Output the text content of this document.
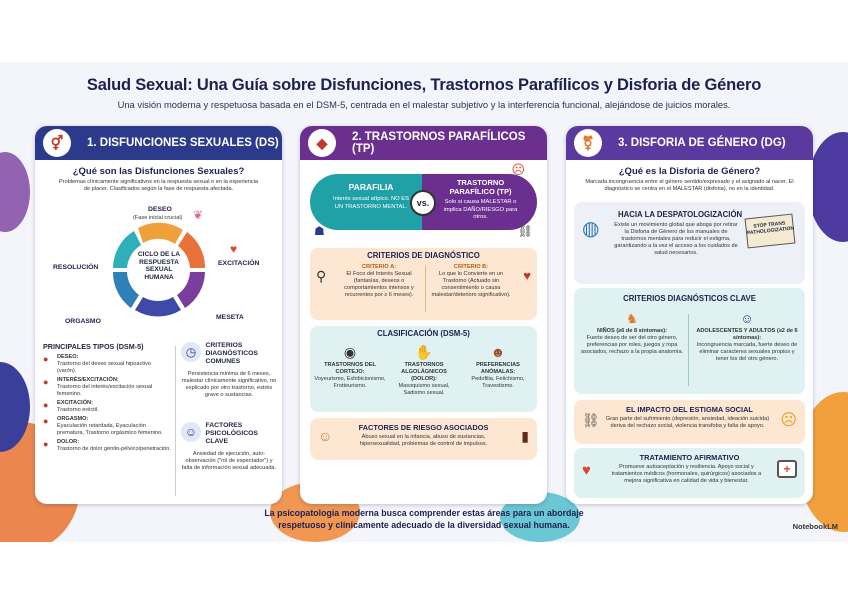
Salud Sexual: Una Guía sobre Disfunciones, Trastornos Parafílicos y Disforia de Género
Una visión moderna y respetuosa basada en el DSM-5, centrada en el malestar subjetivo y la interferencia funcional, alejándose de juicios morales.
⚥	1. DISFUNCIONES SEXUALES (DS)
¿Qué son las Disfunciones Sexuales?
Problemas clínicamente significativos en la respuesta sexual o en la experiencia de placer. Clasificados según la fase de respuesta afectada.
CICLO DE LA RESPUESTA SEXUAL HUMANA
DESEO
(Fase inicial crucial) ❦
EXCITACIÓN
♥
MESETA
ORGASMO
RESOLUCIÓN
PRINCIPALES TIPOS (DSM-5)
● DESEO:
Trastorno del deseo sexual hipoactivo (varón).
● INTERÉS/EXCITACIÓN:
Trastorno del interés/excitación sexual femenino.
● EXCITACIÓN:
Trastorno eréctil.
● ORGASMO:
Eyaculación retardada, Eyaculación prematura, Trastorno orgásmico femenino.
● DOLOR:
Trastorno de dolor génito-pélvico/penetración.
◷ CRITERIOS DIAGNÓSTICOS COMUNES
Persistencia mínima de 6 meses, malestar clínicamente significativo, no explicado por otro trastorno, estrés grave o sustancias.
☺ FACTORES PSICOLÓGICOS CLAVE
Ansiedad de ejecución, auto-observación ("rol de espectador") y falta de información sexual adecuada.
◆	2. TRASTORNOS PARAFÍLICOS (TP)
PARAFILIA
Interés sexual atípico. NO ES UN TRASTORNO MENTAL.
TRASTORNO PARAFÍLICO (TP)
Solo si causa MALESTAR o implica DAÑO/RIESGO para otros.
vs.
☗	⛓
☹
CRITERIOS DE DIAGNÓSTICO
⚲
CRITERIO A:
El Foco del Interés Sexual (fantasías, deseos o comportamientos intensos y recurrentes por ≥ 6 meses).
CRITERIO B:
Lo que lo Convierte en un Trastorno (Actuado sin consentimiento o causa malestar/deterioro significativo).
♥
CLASIFICACIÓN (DSM-5)
◉
TRASTORNOS DEL CORTEJO:
Voyeurismo, Exhibicionismo, Frotteurismo.
✋
TRASTORNOS ALGOLÁGNICOS (DOLOR):
Masoquismo sexual, Sadismo sexual.
☻
PREFERENCIAS ANÓMALAS:
Pedofilia, Fetichismo, Travestismo.
☺
FACTORES DE RIESGO ASOCIADOS
Abuso sexual en la infancia, abuso de sustancias, hipersexualidad, problemas de control de impulsos.	▮
⚧	3. DISFORIA DE GÉNERO (DG)
¿Qué es la Disforia de Género?
Marcada incongruencia entre el género sentido/expresado y el asignado al nacer. El diagnóstico se centra en el MALESTAR (disforia), no en la identidad.
◍
HACIA LA DESPATOLOGIZACIÓN
Existe un movimiento global que aboga por retirar la Disforia de Género de los manuales de trastornos mentales para reducir el estigma, garantizando a la vez el acceso a los cuidados de salud necesarios.
STOP TRANS PATHOLOGIZATION
CRITERIOS DIAGNÓSTICOS CLAVE
♞
NIÑOS (≥6 de 8 síntomas):
Fuerte deseo de ser del otro género, preferencias por roles, juegos y ropa asociados, rechazo a la propia anatomía.
☺
ADOLESCENTES Y ADULTOS (≥2 de 6 síntomas):
Incongruencia marcada, fuerte deseo de eliminar caracteres sexuales propios y tener los del otro género.
⛓
EL IMPACTO DEL ESTIGMA SOCIAL
Gran parte del sufrimiento (depresión, ansiedad, ideación suicida) deriva del rechazo social, violencia transfoba y falta de apoyo. ☹
♥
TRATAMIENTO AFIRMATIVO
Promueve autoaceptación y resiliencia. Apoyo social y tratamientos médicos (hormonales, quirúrgicos) asociados a mejora significativa en calidad de vida y bienestar.
+
La psicopatología moderna busca comprender estas áreas para un abordaje
respetuoso y clínicamente adecuado de la diversidad sexual humana.	NotebookLM
